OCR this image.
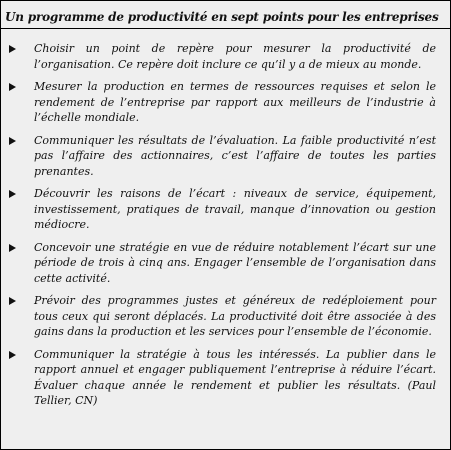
Un programme de productivité en sept points pour les entreprises
Choisir un point de repère pour mesurer la productivité de l’organisation. Ce repère doit inclure ce qu’il y a de mieux au monde.
Mesurer la production en termes de ressources requises et selon le rendement de l’entreprise par rapport aux meilleurs de l’industrie à l’échelle mondiale.
Communiquer les résultats de l’évaluation. La faible productivité n’est pas l’affaire des actionnaires, c’est l’affaire de toutes les parties prenantes.
Découvrir les raisons de l’écart : niveaux de service, équipement, investissement, pratiques de travail, manque d’innovation ou gestion médiocre.
Concevoir une stratégie en vue de réduire notablement l’écart sur une période de trois à cinq ans. Engager l’ensemble de l’organisation dans cette activité.
Prévoir des programmes justes et généreux de redéploiement pour tous ceux qui seront déplacés. La productivité doit être associée à des gains dans la production et les services pour l’ensemble de l’économie.
Communiquer la stratégie à tous les intéressés. La publier dans le rapport annuel et engager publiquement l’entreprise à réduire l’écart. Évaluer chaque année le rendement et publier les résultats. (Paul Tellier, CN)
